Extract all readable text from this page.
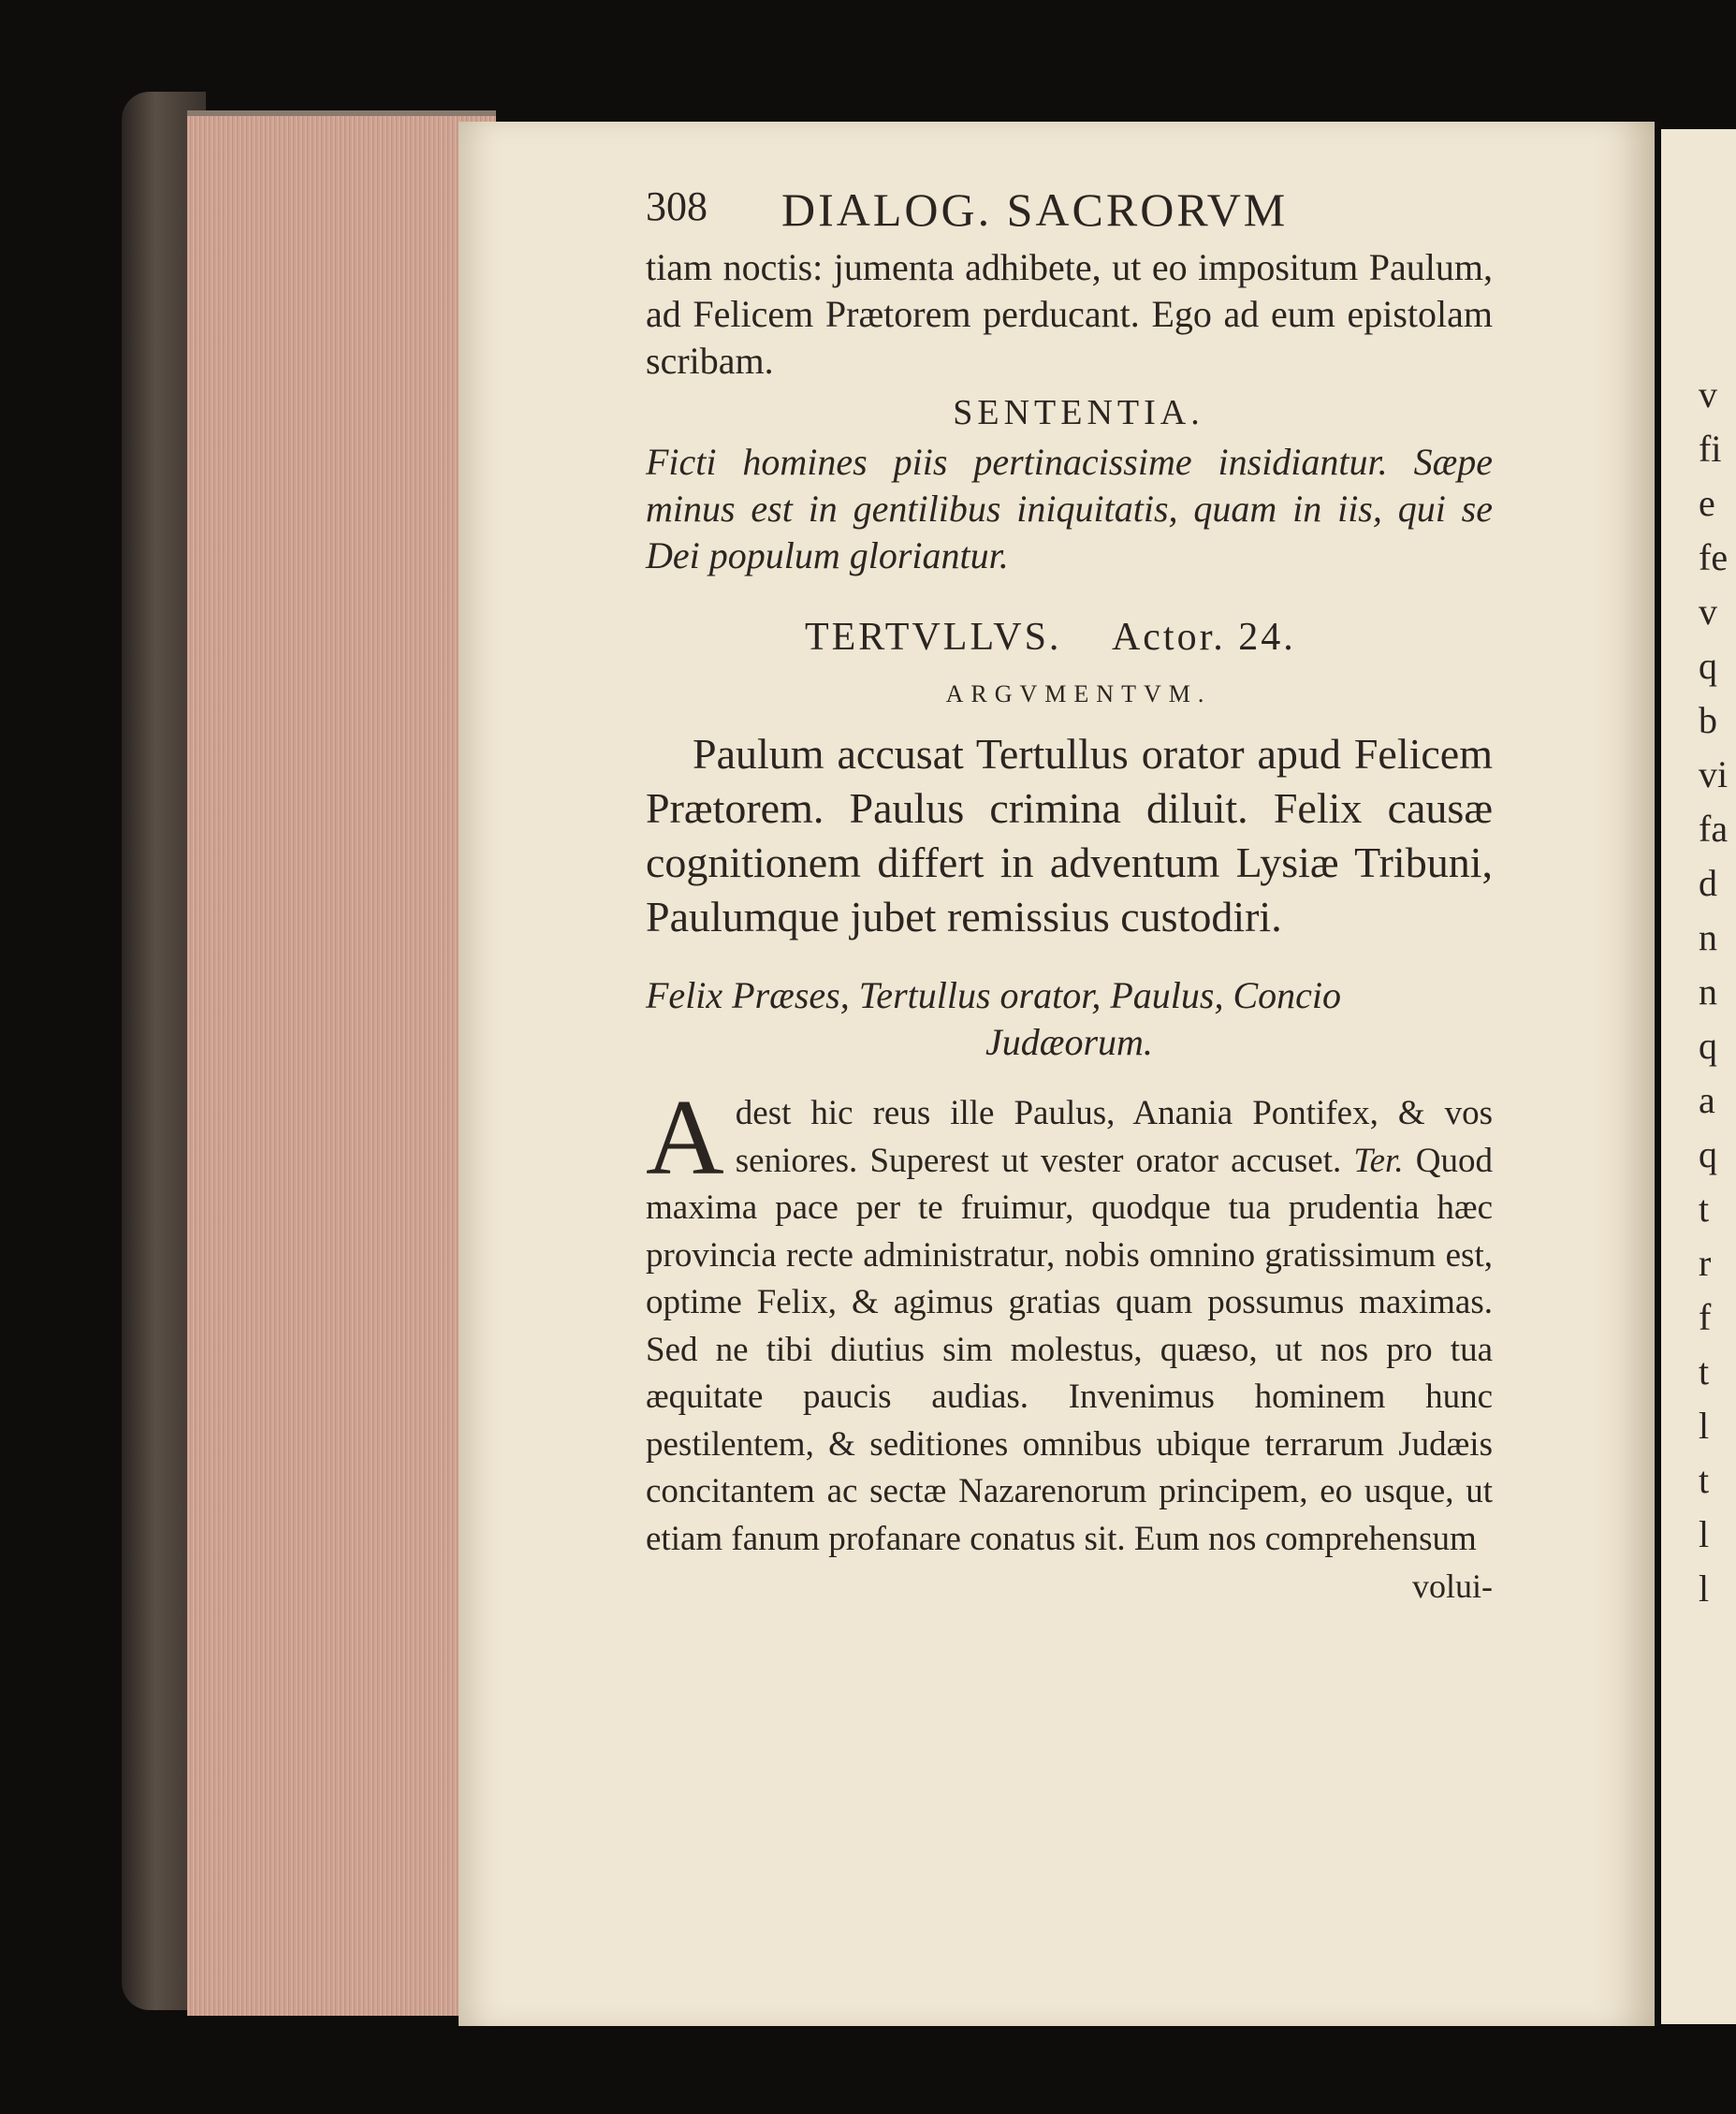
v
fi
e
fe
v
q
b
vi
fa
d
n
n
q
a
q
t
r
f
t
l
t
l
l
308 DIALOG. SACRORVM

tiam noctis: jumenta adhibete, ut eo impositum Paulum, ad Felicem Prætorem perducant. Ego ad eum epistolam scribam.

SENTENTIA.

Ficti homines piis pertinacissime insidiantur. Sæpe minus est in gentilibus iniquitatis, quam in iis, qui se Dei populum gloriantur.

TERTVLLVS. Actor. 24.
ARGVMENTVM.

Paulum accusat Tertullus orator apud Felicem Prætorem. Paulus crimina diluit. Felix causæ cognitionem differt in adventum Lysiæ Tribuni, Paulumque jubet remissius custodiri.

Felix Præses, Tertullus orator, Paulus, Concio

Judæorum.

Adest hic reus ille Paulus, Anania Pontifex, & vos seniores. Superest ut vester orator accuset. Ter. Quod maxima pace per te fruimur, quodque tua prudentia hæc provincia recte administratur, nobis omnino gratissimum est, optime Felix, & agimus gratias quam possumus maximas. Sed ne tibi diutius sim molestus, quæso, ut nos pro tua æquitate paucis audias. Invenimus hominem hunc pestilentem, & seditiones omnibus ubique terrarum Judæis concitantem ac sectæ Nazarenorum principem, eo usque, ut etiam fanum profanare conatus sit. Eum nos comprehensum

volui-
